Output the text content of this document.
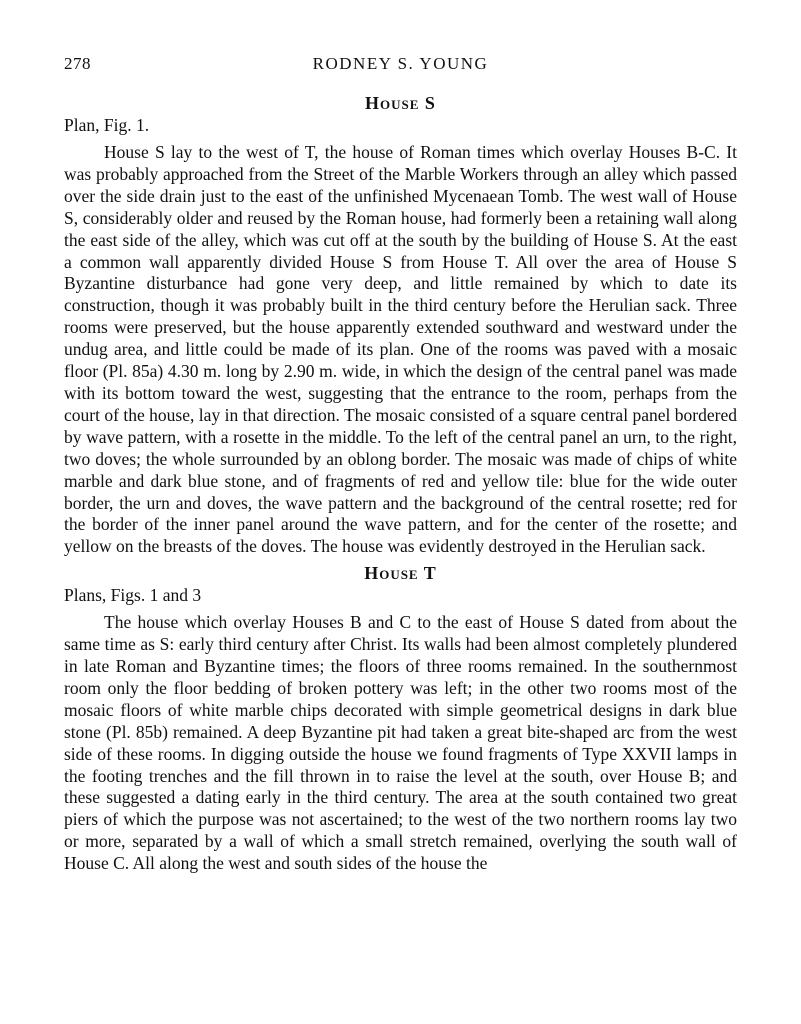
278	RODNEY S. YOUNG
House S

Plan, Fig. 1.

House S lay to the west of T, the house of Roman times which overlay Houses B-C. It was probably approached from the Street of the Marble Workers through an alley which passed over the side drain just to the east of the unfinished Mycenaean Tomb. The west wall of House S, considerably older and reused by the Roman house, had formerly been a retaining wall along the east side of the alley, which was cut off at the south by the building of House S. At the east a common wall apparently divided House S from House T. All over the area of House S Byzantine disturbance had gone very deep, and little remained by which to date its construction, though it was probably built in the third century before the Herulian sack. Three rooms were preserved, but the house apparently extended southward and westward under the undug area, and little could be made of its plan. One of the rooms was paved with a mosaic floor (Pl. 85a) 4.30 m. long by 2.90 m. wide, in which the design of the central panel was made with its bottom toward the west, suggesting that the entrance to the room, perhaps from the court of the house, lay in that direction. The mosaic consisted of a square central panel bordered by wave pattern, with a rosette in the middle. To the left of the central panel an urn, to the right, two doves; the whole surrounded by an oblong border. The mosaic was made of chips of white marble and dark blue stone, and of fragments of red and yellow tile: blue for the wide outer border, the urn and doves, the wave pattern and the background of the central rosette; red for the border of the inner panel around the wave pattern, and for the center of the rosette; and yellow on the breasts of the doves. The house was evidently destroyed in the Herulian sack.

House T

Plans, Figs. 1 and 3

The house which overlay Houses B and C to the east of House S dated from about the same time as S: early third century after Christ. Its walls had been almost completely plundered in late Roman and Byzantine times; the floors of three rooms remained. In the southernmost room only the floor bedding of broken pottery was left; in the other two rooms most of the mosaic floors of white marble chips decorated with simple geometrical designs in dark blue stone (Pl. 85b) remained. A deep Byzantine pit had taken a great bite-shaped arc from the west side of these rooms. In digging outside the house we found fragments of Type XXVII lamps in the footing trenches and the fill thrown in to raise the level at the south, over House B; and these suggested a dating early in the third century. The area at the south contained two great piers of which the purpose was not ascertained; to the west of the two northern rooms lay two or more, separated by a wall of which a small stretch remained, overlying the south wall of House C. All along the west and south sides of the house the
